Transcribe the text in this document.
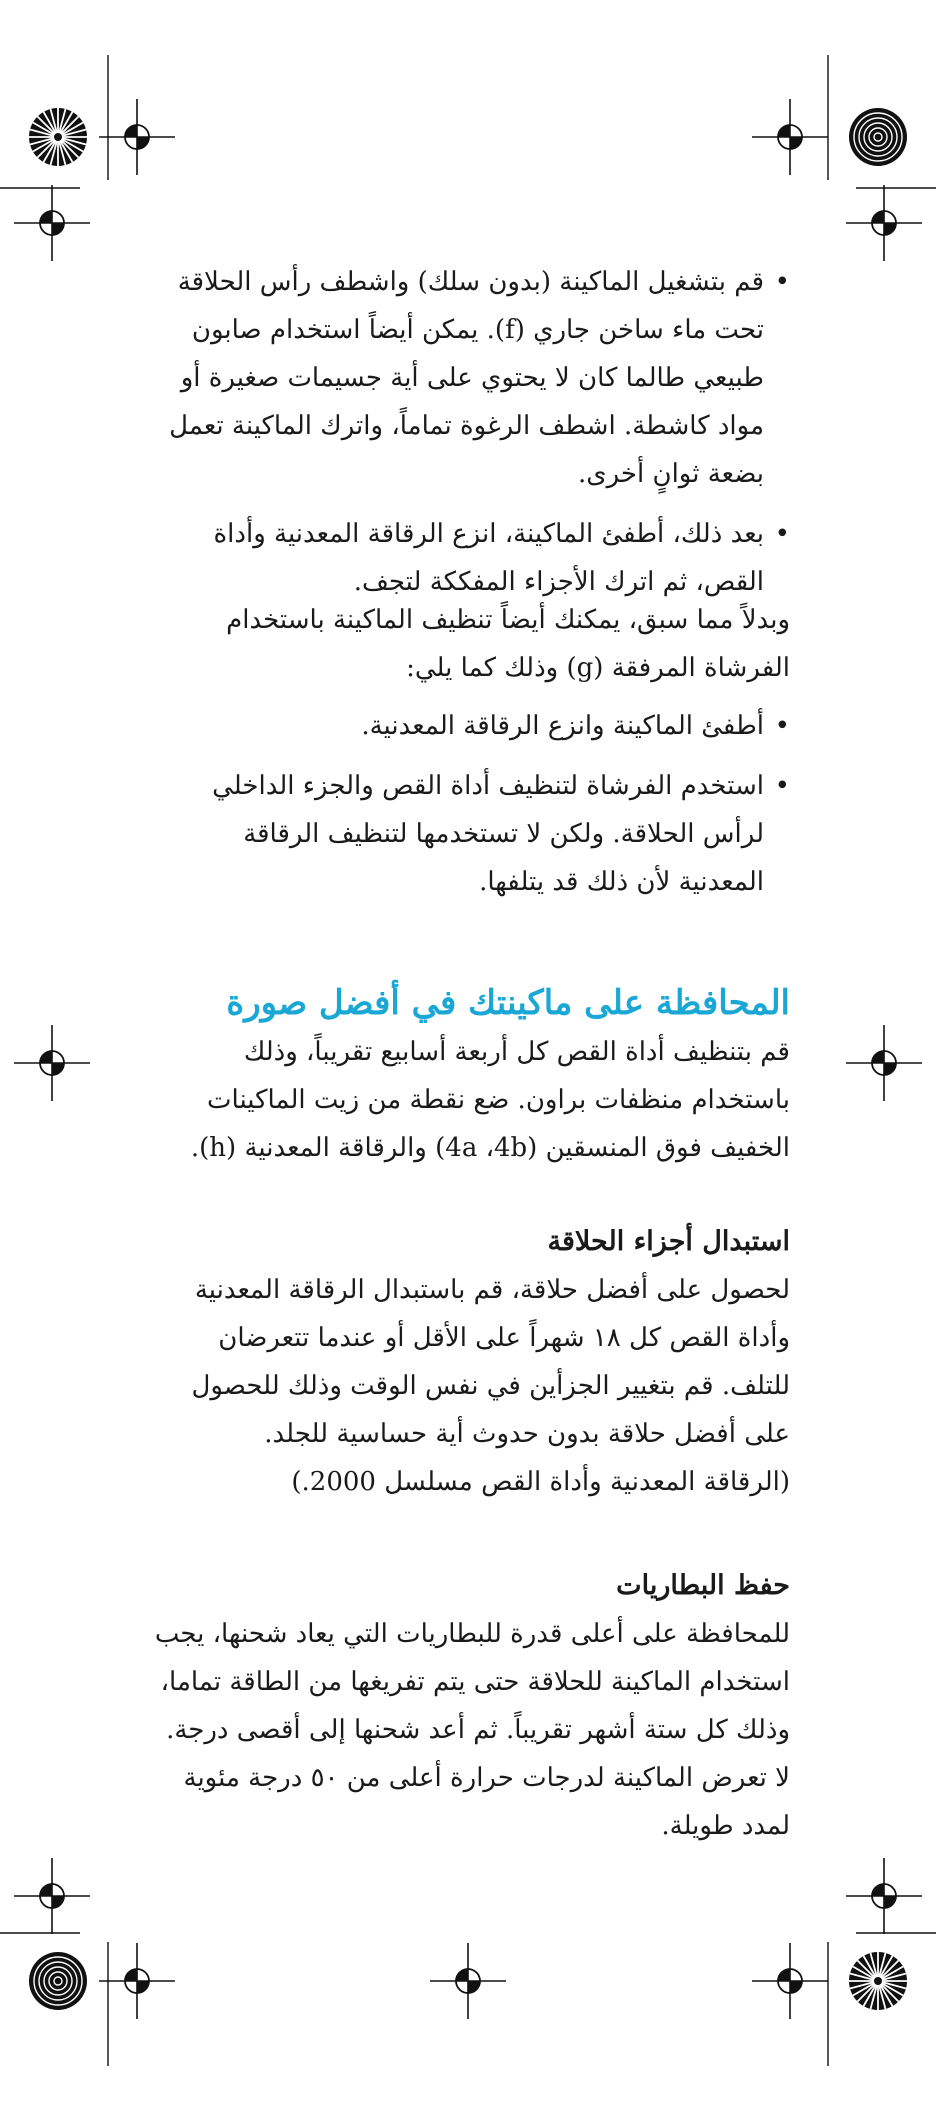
• قم بتشغيل الماكينة (بدون سلك) واشطف رأس الحلاقة تحت ماء ساخن جاري (f). يمكن أيضاً استخدام صابون طبيعي طالما كان لا يحتوي على أية جسيمات صغيرة أو مواد كاشطة. اشطف الرغوة تماماً، واترك الماكينة تعمل بضعة ثوانٍ أخرى.
• بعد ذلك، أطفئ الماكينة، انزع الرقاقة المعدنية وأداة القص، ثم اترك الأجزاء المفككة لتجف.

وبدلاً مما سبق، يمكنك أيضاً تنظيف الماكينة باستخدام الفرشاة المرفقة (g) وذلك كما يلي:

• أطفئ الماكينة وانزع الرقاقة المعدنية.
• استخدم الفرشاة لتنظيف أداة القص والجزء الداخلي لرأس الحلاقة. ولكن لا تستخدمها لتنظيف الرقاقة المعدنية لأن ذلك قد يتلفها.
المحافظة على ماكينتك في أفضل صورة

قم بتنظيف أداة القص كل أربعة أسابيع تقريباً، وذلك باستخدام منظفات براون. ضع نقطة من زيت الماكينات الخفيف فوق المنسقين (4a ،4b) والرقاقة المعدنية (h).

استبدال أجزاء الحلاقة

لحصول على أفضل حلاقة، قم باستبدال الرقاقة المعدنية وأداة القص كل ١٨ شهراً على الأقل أو عندما تتعرضان للتلف. قم بتغيير الجزأين في نفس الوقت وذلك للحصول على أفضل حلاقة بدون حدوث أية حساسية للجلد.

(الرقاقة المعدنية وأداة القص مسلسل 2000.)

حفظ البطاريات

للمحافظة على أعلى قدرة للبطاريات التي يعاد شحنها، يجب استخدام الماكينة للحلاقة حتى يتم تفريغها من الطاقة تماما، وذلك كل ستة أشهر تقريباً. ثم أعد شحنها إلى أقصى درجة. لا تعرض الماكينة لدرجات حرارة أعلى من ٥٠ درجة مئوية لمدد طويلة.
